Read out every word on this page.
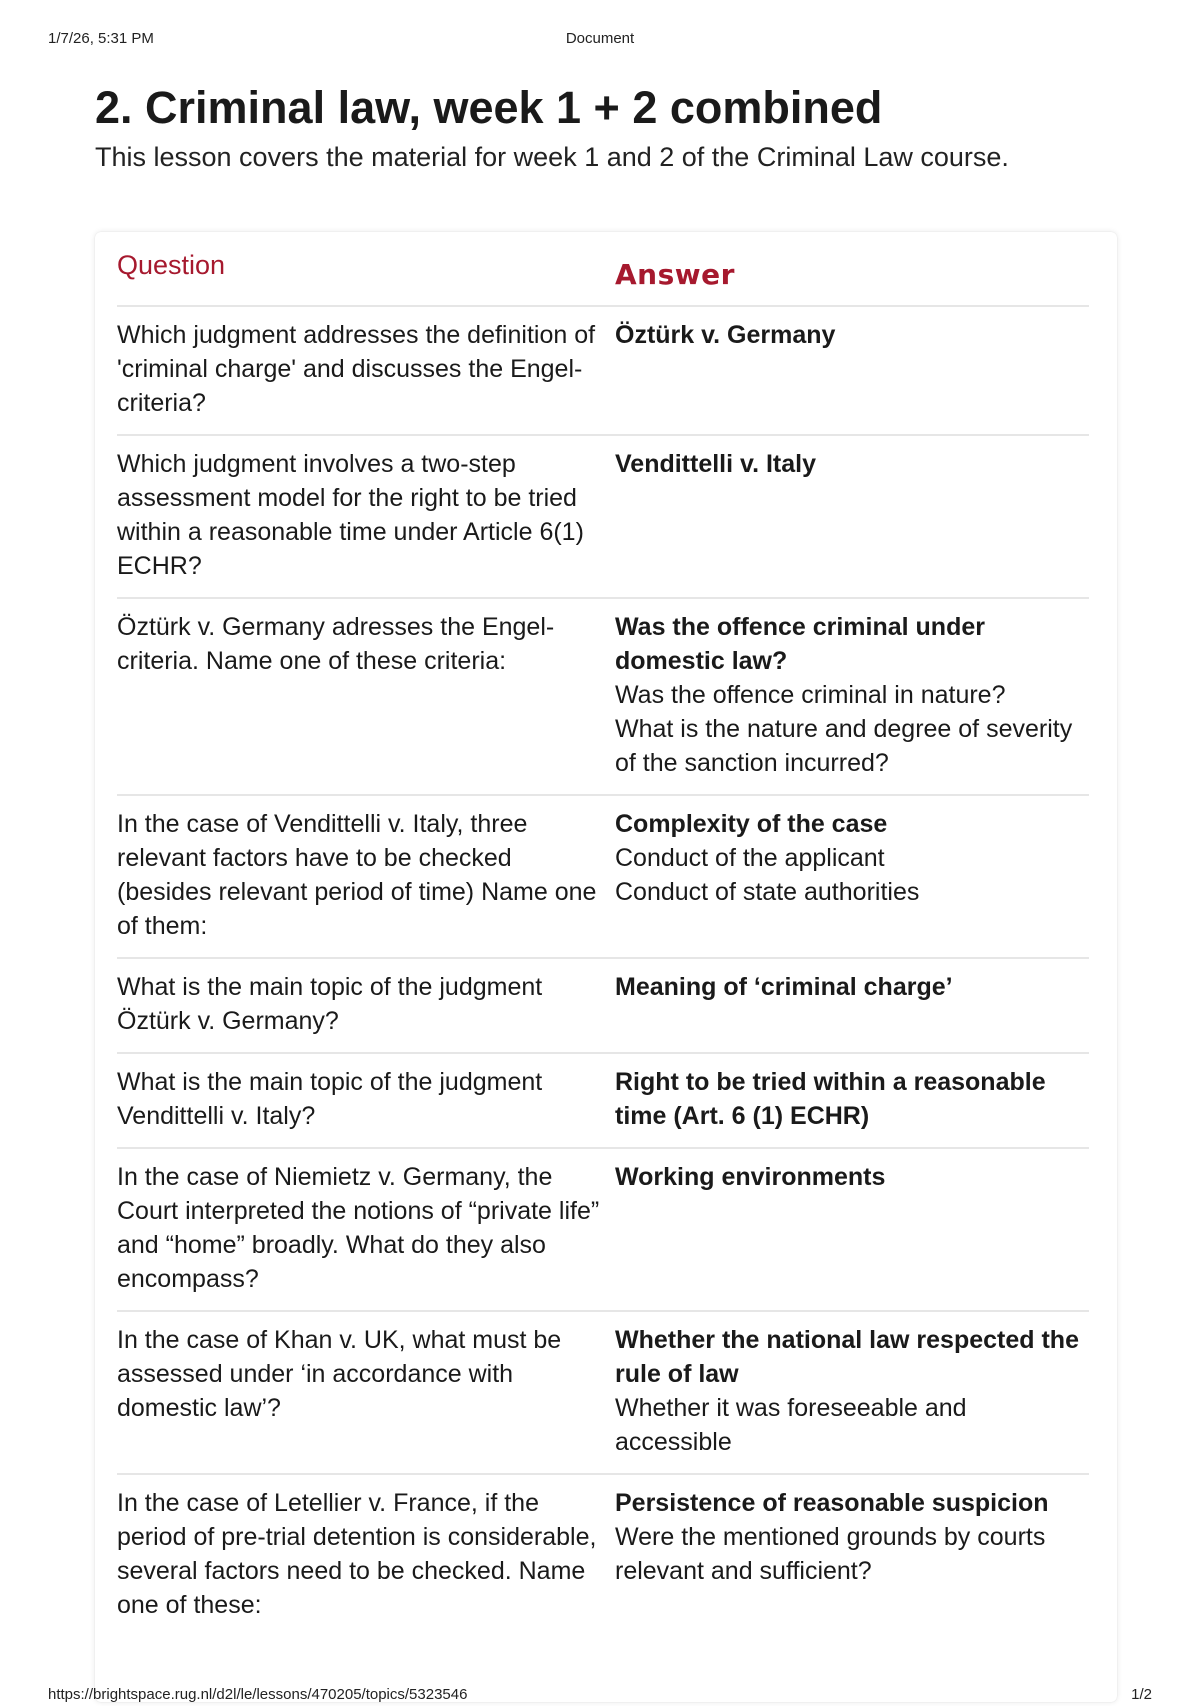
1/7/26, 5:31 PM	Document
2. Criminal law, week 1 + 2 combined

This lesson covers the material for week 1 and 2 of the Criminal Law course.

Question	Answer
Which judgment addresses the definition of 'criminal charge' and discusses the Engel-criteria?	Öztürk v. Germany

Which judgment involves a two-step assessment model for the right to be tried within a reasonable time under Article 6(1) ECHR?	Vendittelli v. Italy

Öztürk v. Germany adresses the Engel-criteria. Name one of these criteria:	Was the offence criminal under domestic law?
Was the offence criminal in nature?
What is the nature and degree of severity of the sanction incurred?

In the case of Vendittelli v. Italy, three relevant factors have to be checked (besides relevant period of time) Name one of them:	Complexity of the case
Conduct of the applicant
Conduct of state authorities

What is the main topic of the judgment Öztürk v. Germany?	Meaning of ‘criminal charge’

What is the main topic of the judgment Vendittelli v. Italy?	Right to be tried within a reasonable time (Art. 6 (1) ECHR)

In the case of Niemietz v. Germany, the Court interpreted the notions of “private life” and “home” broadly. What do they also encompass?	Working environments

In the case of Khan v. UK, what must be assessed under ‘in accordance with domestic law’?	Whether the national law respected the rule of law
Whether it was foreseeable and accessible

In the case of Letellier v. France, if the period of pre-trial detention is considerable, several factors need to be checked. Name one of these:	Persistence of reasonable suspicion
Were the mentioned grounds by courts relevant and sufficient?
https://brightspace.rug.nl/d2l/le/lessons/470205/topics/5323546	1/2
